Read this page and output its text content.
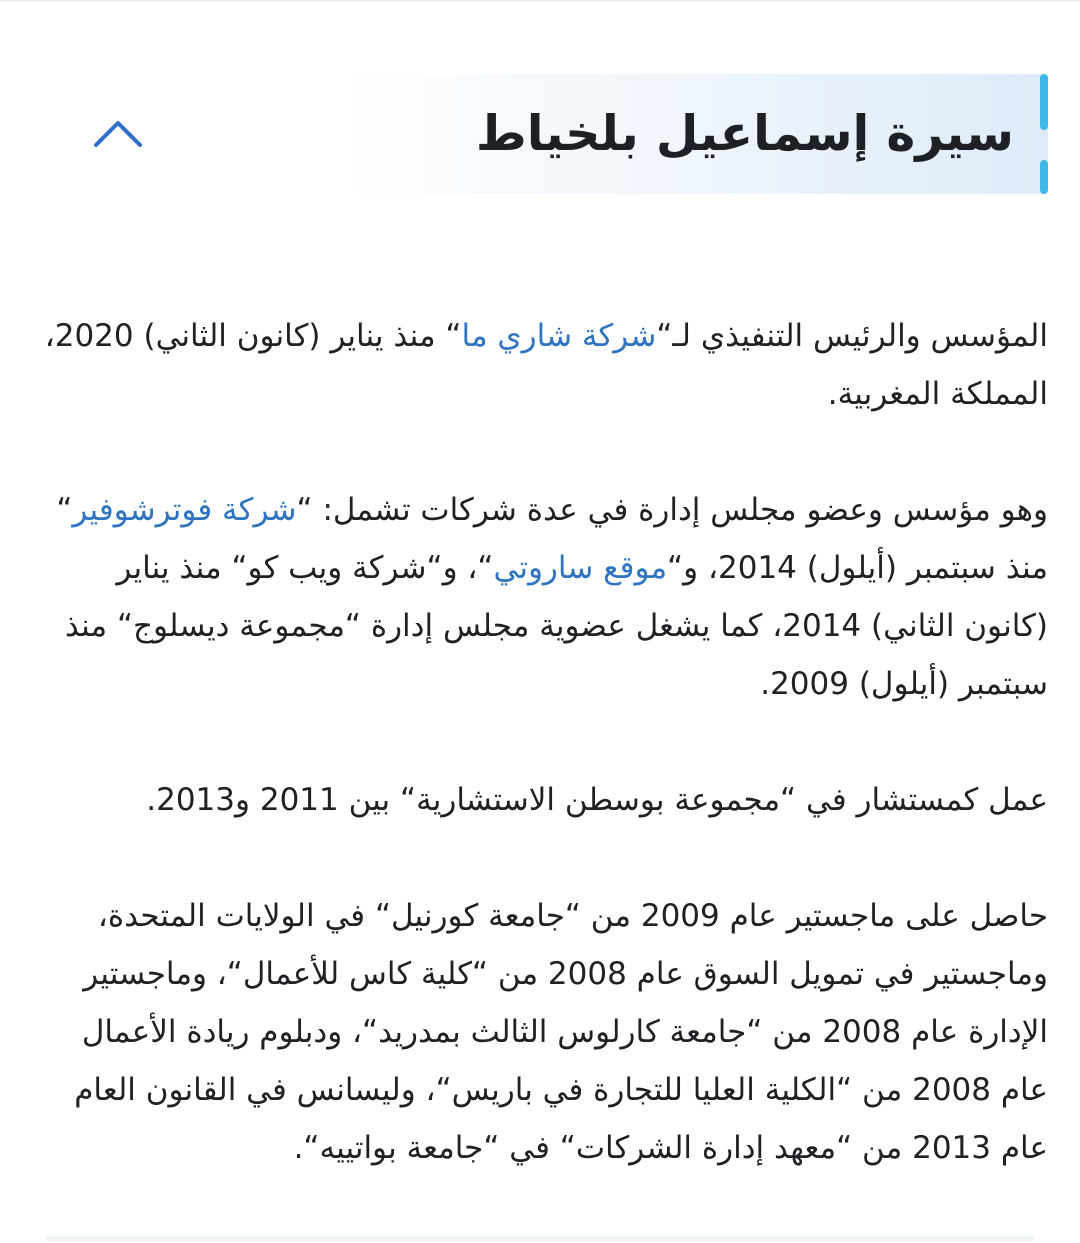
سيرة إسماعيل بلخياط

المؤسس والرئيس التنفيذي لـ“شركة شاري ما“ منذ يناير (كانون الثاني) 2020، المملكة المغربية.

وهو مؤسس وعضو مجلس إدارة في عدة شركات تشمل: “شركة فوترشوفير“ منذ سبتمبر (أيلول) 2014، و“موقع ساروتي“، و“شركة ويب كو“ منذ يناير (كانون الثاني) 2014، كما يشغل عضوية مجلس إدارة “مجموعة ديسلوج“ منذ سبتمبر (أيلول) 2009.

عمل كمستشار في “مجموعة بوسطن الاستشارية“ بين 2011 و2013.

حاصل على ماجستير عام 2009 من “جامعة كورنيل“ في الولايات المتحدة، وماجستير في تمويل السوق عام 2008 من “كلية كاس للأعمال“، وماجستير الإدارة عام 2008 من “جامعة كارلوس الثالث بمدريد“، ودبلوم ريادة الأعمال عام 2008 من “الكلية العليا للتجارة في باريس“، وليسانس في القانون العام عام 2013 من “معهد إدارة الشركات“ في “جامعة بواتييه“.
